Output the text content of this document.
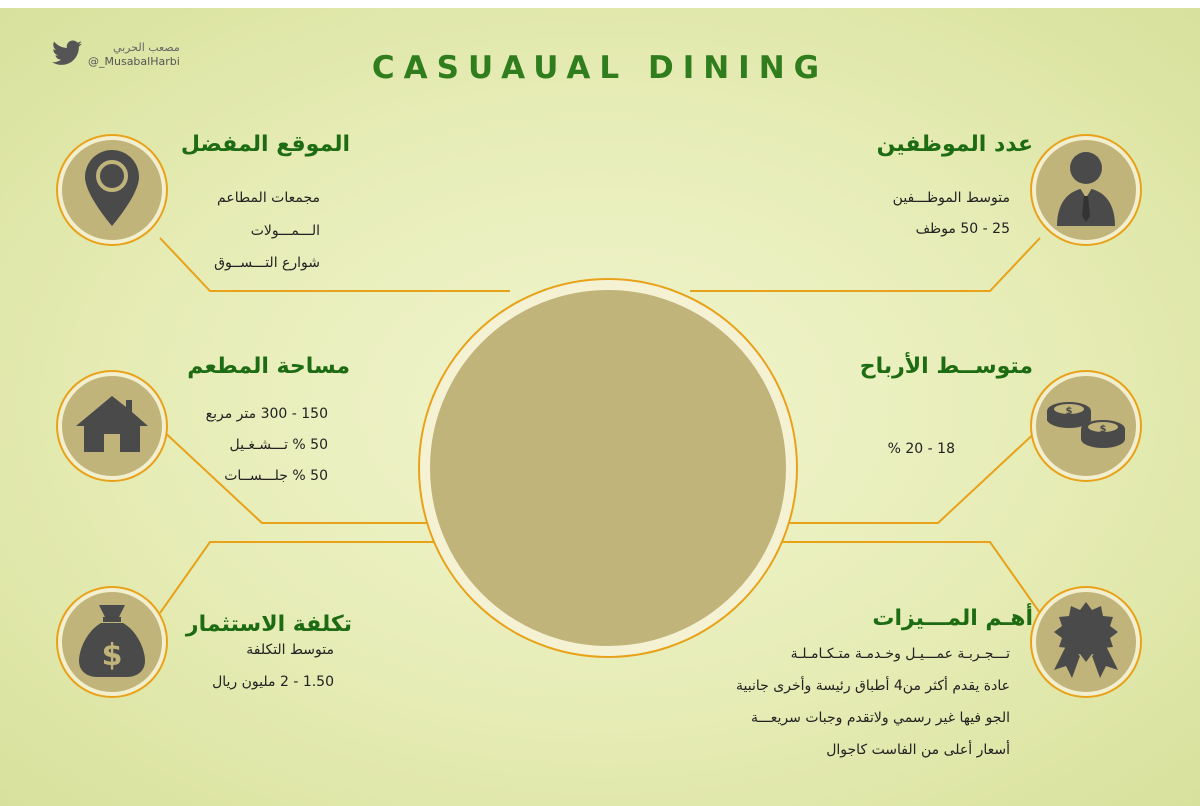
CASUAUAL DINING
مصعب الحربي
@_MusabalHarbi
الموقع المفضل
مجمعات المطاعم
الـــمـــولات
شوارع التـــســوق
مساحة المطعم
150 - 300 متر مربع
50 % تـــشـغـيل
50 % جلـــســات
$
تكلفة الاستثمار
متوسط التكلفة
1.50 - 2 مليون ريال
عدد الموظفين
متوسط الموظـــفين
25 - 50 موظف
$
$
متوســط الأرباح
18 - 20 %
أهـم المـــيزات
تـــجـربـة عمـــيـل وخـدمـة متـكـامـلـة
عادة يقدم أكثر من4 أطباق رئيسة وأخرى جانبية
الجو فيها غير رسمي ولاتقدم وجبات سريعـــة
أسعار أعلى من الفاست كاجوال
